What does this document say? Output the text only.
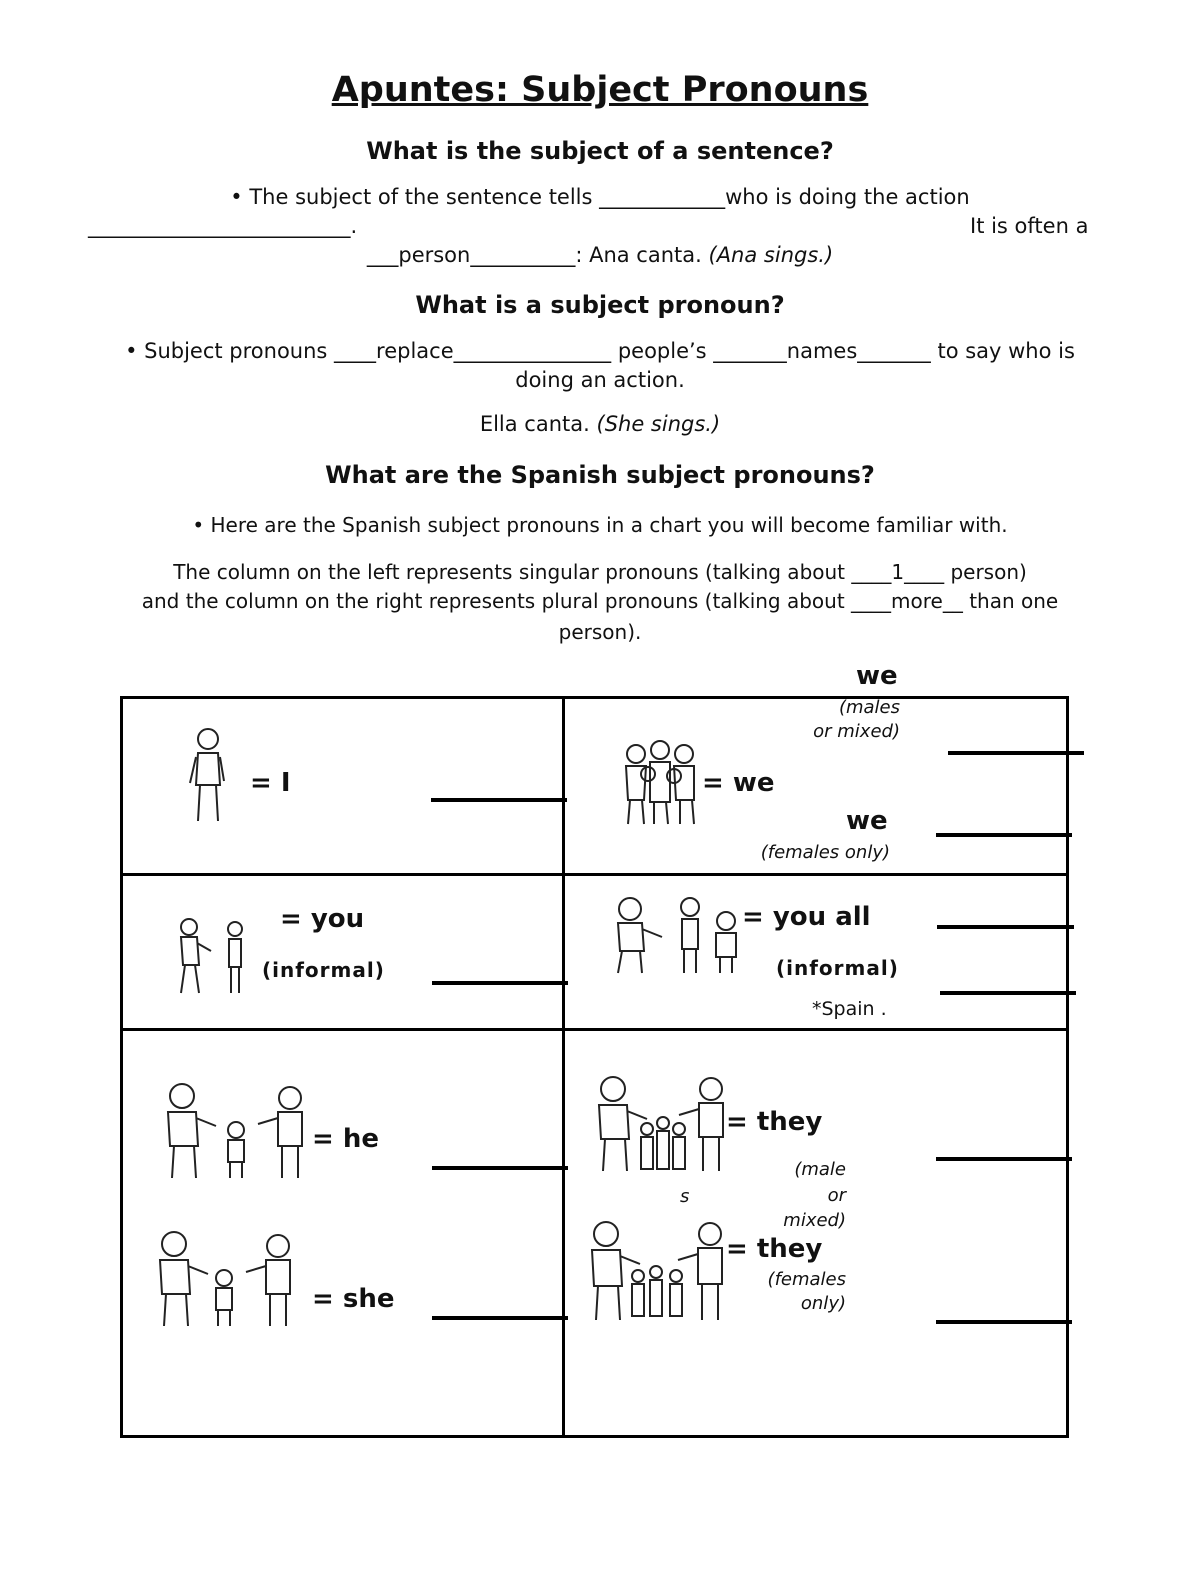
Apuntes: Subject Pronouns
What is the subject of a sentence?
• The subject of the sentence tells ____________who is doing the action
_________________________.	It is often a
___person__________: Ana canta. (Ana sings.)
What is a subject pronoun?
• Subject pronouns ____replace_______________ people’s _______names_______ to say who is
doing an action.
Ella canta. (She sings.)
What are the Spanish subject pronouns?
• Here are the Spanish subject pronouns in a chart you will become familiar with.
The column on the left represents singular pronouns (talking about ____1____ person)
and the column on the right represents plural pronouns (talking about ____more__ than one
person).
= I
we
(males
or mixed)
= we
we
(females only)
= you
(informal)
= you all
(informal)
*Spain .
= he
= she
= they
(male
or
mixed)
s
= they
(females
only)
